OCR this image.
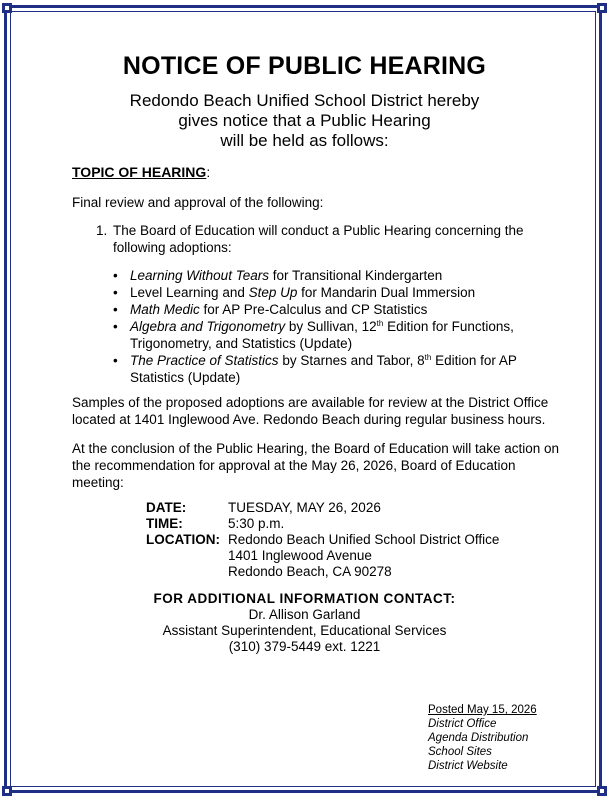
NOTICE OF PUBLIC HEARING
Redondo Beach Unified School District hereby
gives notice that a Public Hearing
will be held as follows:
TOPIC OF HEARING:
Final review and approval of the following:
1. The Board of Education will conduct a Public Hearing concerning the
following adoptions:
• Learning Without Tears for Transitional Kindergarten
• Level Learning and Step Up for Mandarin Dual Immersion
• Math Medic for AP Pre-Calculus and CP Statistics
• Algebra and Trigonometry by Sullivan, 12th Edition for Functions,
Trigonometry, and Statistics (Update)
• The Practice of Statistics by Starnes and Tabor, 8th Edition for AP
Statistics (Update)
Samples of the proposed adoptions are available for review at the District Office
located at 1401 Inglewood Ave. Redondo Beach during regular business hours.
At the conclusion of the Public Hearing, the Board of Education will take action on
the recommendation for approval at the May 26, 2026, Board of Education
meeting:
DATE:	TUESDAY, MAY 26, 2026
TIME:	5:30 p.m.
LOCATION: Redondo Beach Unified School District Office
1401 Inglewood Avenue
Redondo Beach, CA 90278
FOR ADDITIONAL INFORMATION CONTACT:
Dr. Allison Garland
Assistant Superintendent, Educational Services
(310) 379-5449 ext. 1221
Posted May 15, 2026
District Office
Agenda Distribution
School Sites
District Website
